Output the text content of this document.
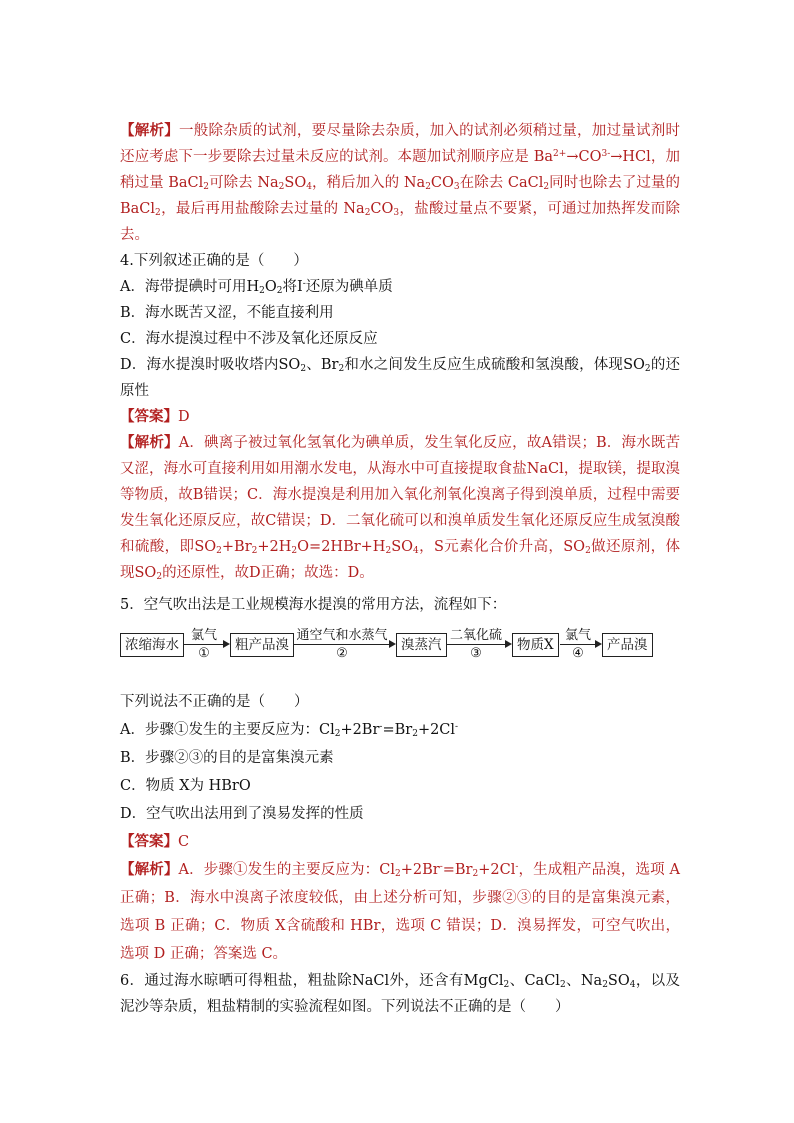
【解析】一般除杂质的试剂，要尽量除去杂质，加入的试剂必须稍过量，加过量试剂时还应考虑下一步要除去过量未反应的试剂。本题加试剂顺序应是 $Ba^{2+}\to CO^{3-}\to HCl$，加稍过量 BaCl$_2$可除去 $Na_2SO_4$，稍后加入的 $Na_2CO_3$在除去 CaCl$_2$同时也除去了过量的 BaCl$_2$，最后再用盐酸除去过量的 $Na_2CO_3$，盐酸过量点不要紧，可通过加热挥发而除去。

4.下列叙述正确的是（　　）

A．海带提碘时可用$H_2O_2$将I-还原为碘单质

B．海水既苦又涩，不能直接利用

C．海水提溴过程中不涉及氧化还原反应

D．海水提溴时吸收塔内$SO_2$、$Br_2$和水之间发生反应生成硫酸和氢溴酸，体现$SO_2$的还原性

【答案】D

【解析】A．碘离子被过氧化氢氧化为碘单质，发生氧化反应，故A错误；B．海水既苦又涩，海水可直接利用如用潮水发电，从海水中可直接提取食盐NaCl，提取镁，提取溴等物质，故B错误；C．海水提溴是利用加入氧化剂氧化溴离子得到溴单质，过程中需要发生氧化还原反应，故C错误；D．二氧化硫可以和溴单质发生氧化还原反应生成氢溴酸和硫酸，即$SO_2+Br_2+2H_2O=2HBr+H_2SO_4$，S元素化合价升高，$SO_2$做还原剂，体现$SO_2$的还原性，故D正确；故选：D。

5．空气吹出法是工业规模海水提溴的常用方法，流程如下：

浓缩海水
氯气
①
粗产品溴
通空气和水蒸气
②
溴蒸汽
二氧化硫
③
物质X
氯气
④
产品溴

下列说法不正确的是（　　）

A．步骤①发生的主要反应为：$Cl_2+2Br^-=Br_2+2Cl^-$

B．步骤②③的目的是富集溴元素

C．物质 X为 HBrO

D．空气吹出法用到了溴易发挥的性质

【答案】C

【解析】A．步骤①发生的主要反应为：$Cl_2+2Br^-=Br_2+2Cl^-$，生成粗产品溴，选项 A 正确；B．海水中溴离子浓度较低，由上述分析可知，步骤②③的目的是富集溴元素，选项 B 正确；C．物质 X含硫酸和 HBr，选项 C 错误；D．溴易挥发，可空气吹出，选项 D 正确；答案选 C。

6．通过海水晾晒可得粗盐，粗盐除NaCl外，还含有MgCl$_2$、CaCl$_2$、$Na_2SO_4$，以及泥沙等杂质，粗盐精制的实验流程如图。下列说法不正确的是（　　）
